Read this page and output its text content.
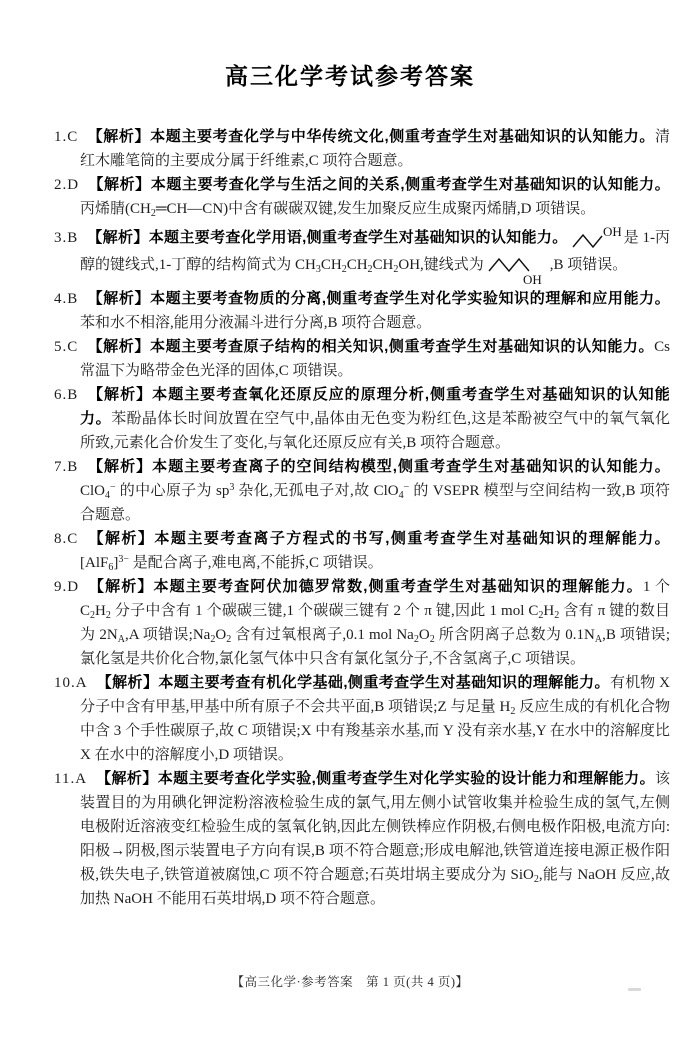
高三化学考试参考答案

1.C 【解析】本题主要考查化学与中华传统文化,侧重考查学生对基础知识的认知能力。清红木雕笔筒的主要成分属于纤维素,C 项符合题意。

2.D 【解析】本题主要考查化学与生活之间的关系,侧重考查学生对基础知识的认知能力。丙烯腈$(CH_2═CH—CN)$中含有碳碳双键,发生加聚反应生成聚丙烯腈,D 项错误。

3.B 【解析】本题主要考查化学用语,侧重考查学生对基础知识的认知能力。	OH 是 1-丙醇的键线式,1-丁醇的结构简式为 $CH_3CH_2CH_2CH_2OH$,键线式为
OH
,B 项错误。

4.B 【解析】本题主要考查物质的分离,侧重考查学生对化学实验知识的理解和应用能力。苯和水不相溶,能用分液漏斗进行分离,B 项符合题意。

5.C 【解析】本题主要考查原子结构的相关知识,侧重考查学生对基础知识的认知能力。Cs 常温下为略带金色光泽的固体,C 项错误。

6.B 【解析】本题主要考查氧化还原反应的原理分析,侧重考查学生对基础知识的认知能力。苯酚晶体长时间放置在空气中,晶体由无色变为粉红色,这是苯酚被空气中的氧气氧化所致,元素化合价发生了变化,与氧化还原反应有关,B 项符合题意。

7.B 【解析】本题主要考查离子的空间结构模型,侧重考查学生对基础知识的认知能力。ClO$_4$− 的中心原子为 $sp^3$ 杂化,无孤电子对,故 ClO$_4$− 的 VSEPR 模型与空间结构一致,B 项符合题意。

8.C 【解析】本题主要考查离子方程式的书写,侧重考查学生对基础知识的理解能力。$[AlF_6]^{3-}$ 是配合离子,难电离,不能拆,C 项错误。

9.D 【解析】本题主要考查阿伏加德罗常数,侧重考查学生对基础知识的理解能力。1 个 $C_2H_2$ 分子中含有 1 个碳碳三键,1 个碳碳三键有 2 个 π 键,因此 1 mol $C_2H_2$ 含有 π 键的数目为 $2N_A,A$ 项错误$;Na_2O_2$ 含有过氧根离子,0.1 mol $Na_2O_2$ 所含阴离子总数为 $0.1N_A,B$ 项错误;氯化氢是共价化合物,氯化氢气体中只含有氯化氢分子,不含氢离子,C 项错误。

10.A 【解析】本题主要考查有机化学基础,侧重考查学生对基础知识的理解能力。有机物 X 分子中含有甲基,甲基中所有原子不会共平面,B 项错误;Z 与足量 $H_2$ 反应生成的有机化合物中含 3 个手性碳原子,故 C 项错误;X 中有羧基亲水基,而 Y 没有亲水基,Y 在水中的溶解度比 X 在水中的溶解度小,D 项错误。

11.A 【解析】本题主要考查化学实验,侧重考查学生对化学实验的设计能力和理解能力。该装置目的为用碘化钾淀粉溶液检验生成的氯气,用左侧小试管收集并检验生成的氢气,左侧电极附近溶液变红检验生成的氢氧化钠,因此左侧铁棒应作阴极,右侧电极作阳极,电流方向:阳极→阴极,图示装置电子方向有误,B 项不符合题意;形成电解池,铁管道连接电源正极作阳极,铁失电子,铁管道被腐蚀,C 项不符合题意;石英坩埚主要成分为 SiO$_2$,能与 NaOH 反应,故加热 NaOH 不能用石英坩埚,D 项不符合题意。

【高三化学·参考答案　第 1 页(共 4 页)】
